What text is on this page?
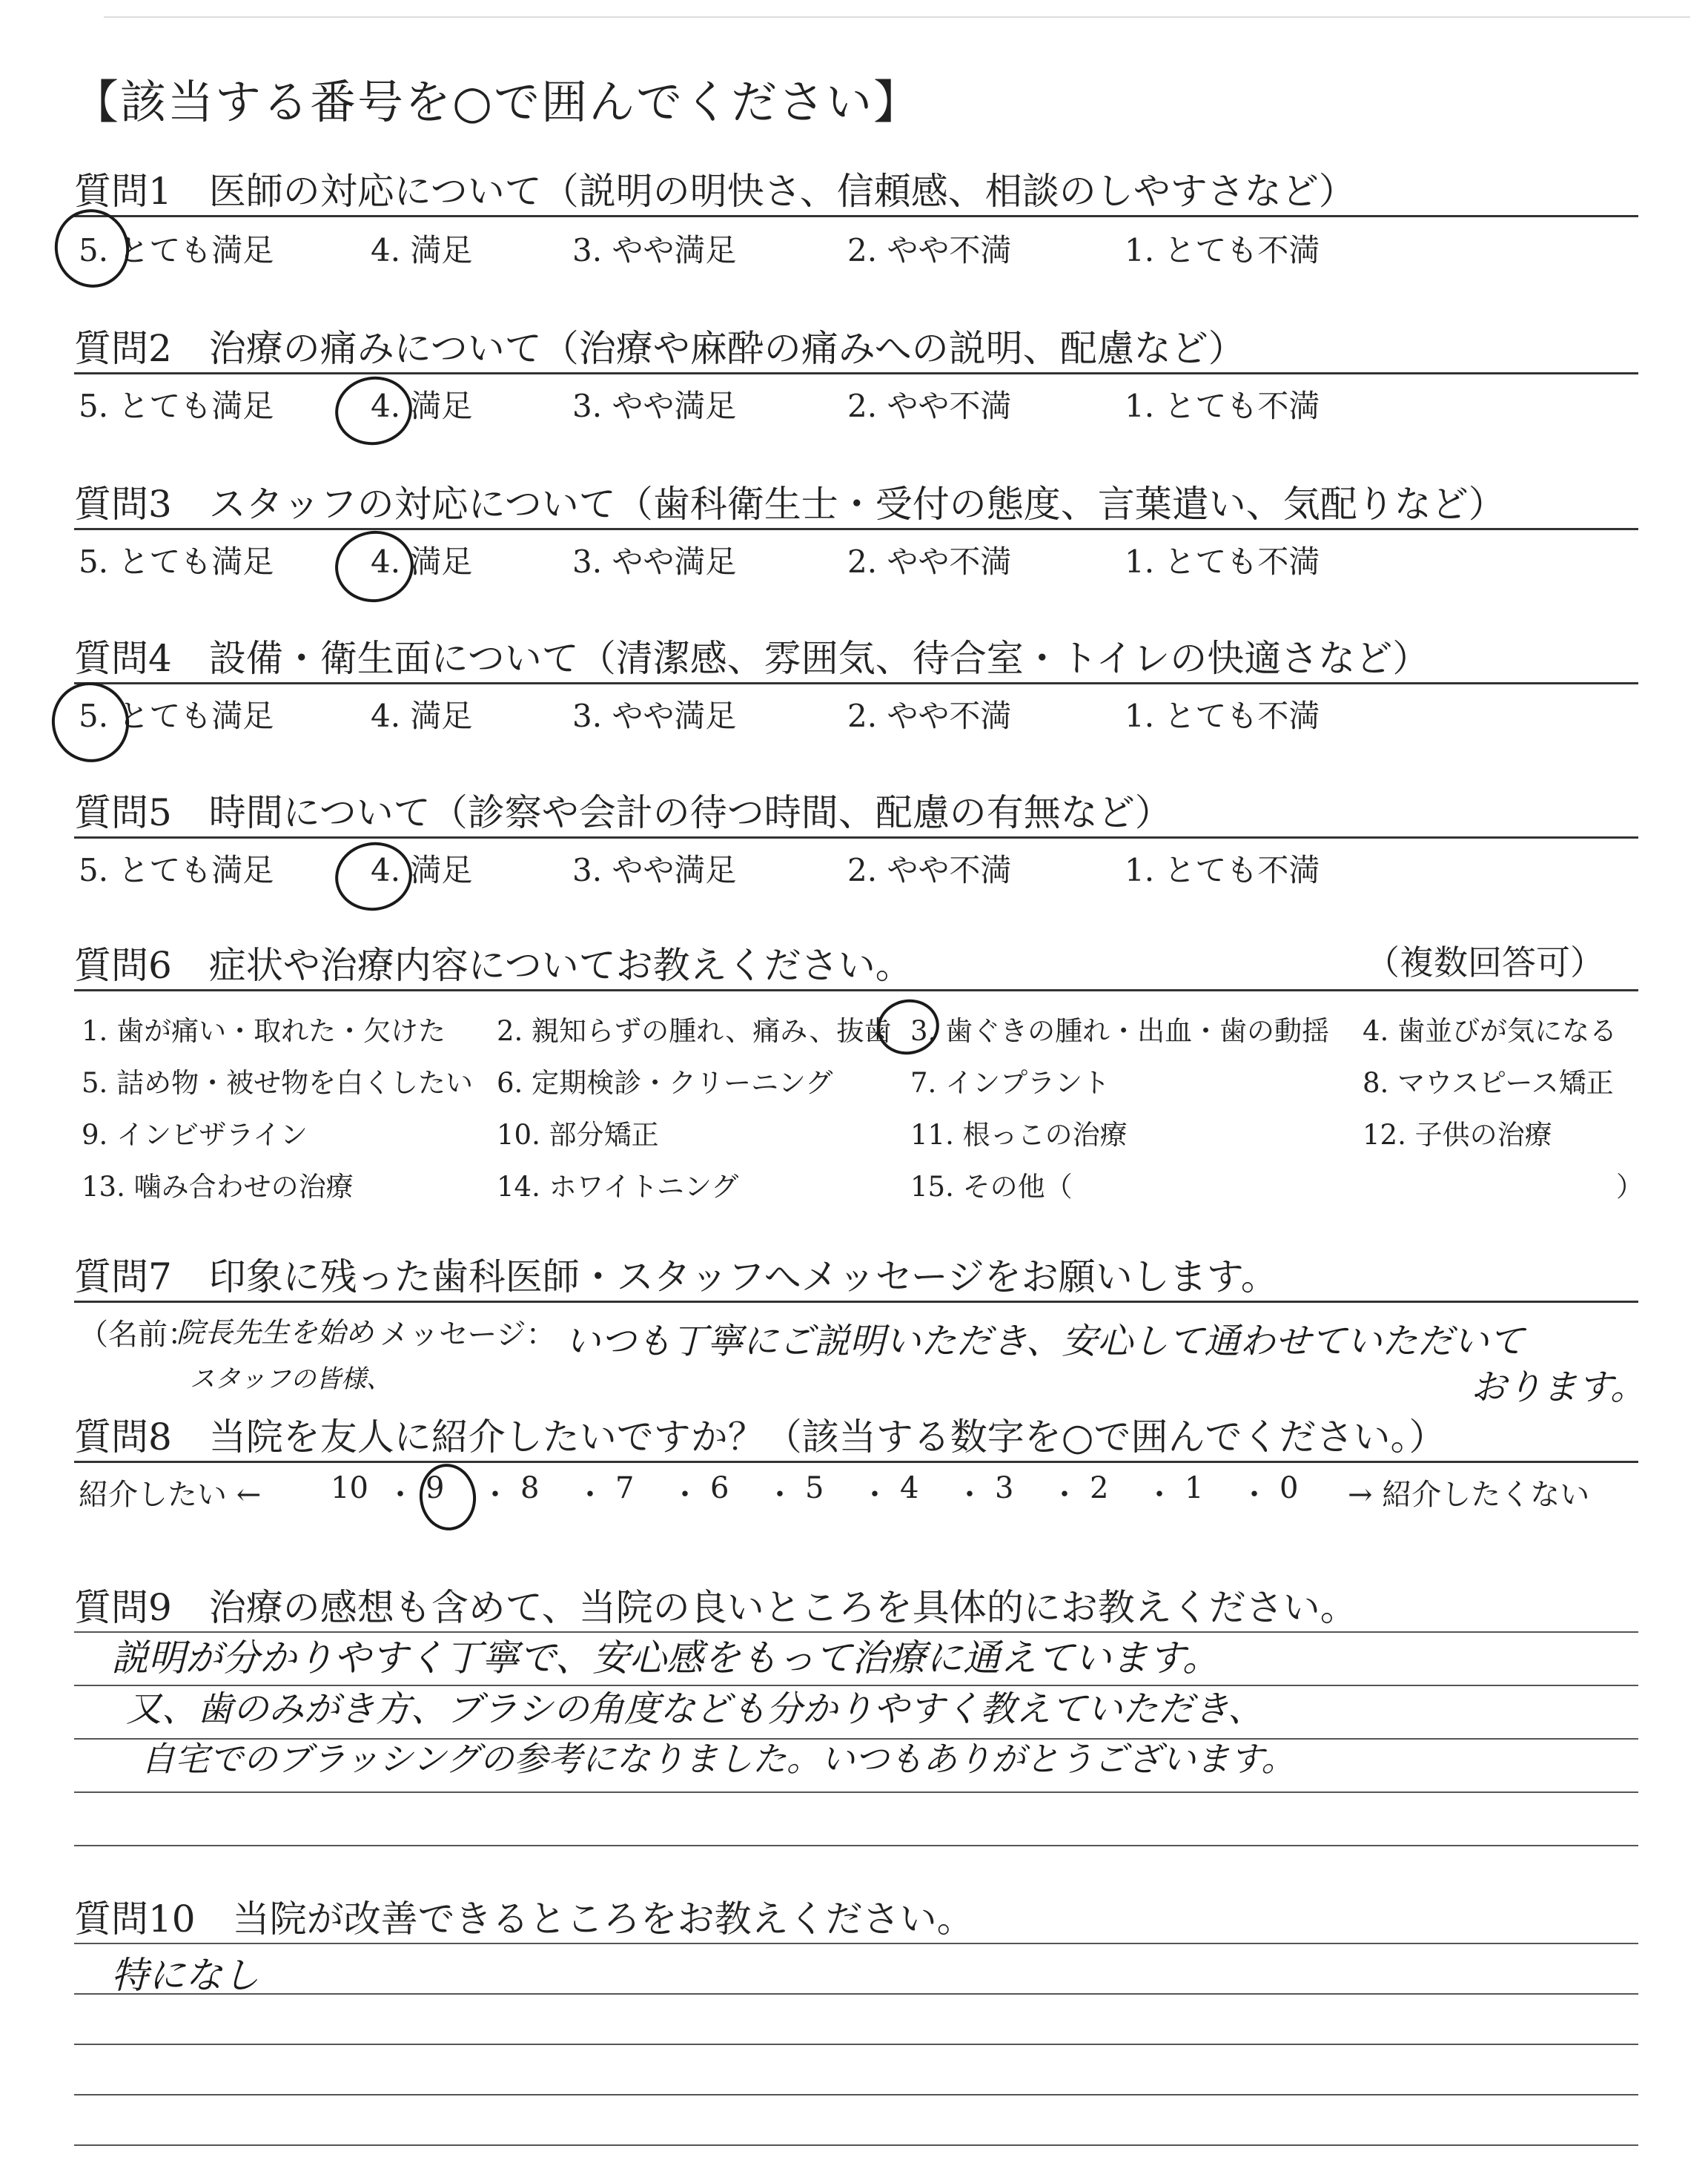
【該当する番号を○で囲んでください】
質問1　医師の対応について（説明の明快さ、信頼感、相談のしやすさなど）
5. とても満足	4. 満足	3. やや満足	2. やや不満	1. とても不満
質問2　治療の痛みについて（治療や麻酔の痛みへの説明、配慮など）
5. とても満足	4. 満足	3. やや満足	2. やや不満	1. とても不満
質問3　スタッフの対応について（歯科衛生士・受付の態度、言葉遣い、気配りなど）
5. とても満足	4. 満足	3. やや満足	2. やや不満	1. とても不満
質問4　設備・衛生面について（清潔感、雰囲気、待合室・トイレの快適さなど）
5. とても満足	4. 満足	3. やや満足	2. やや不満	1. とても不満
質問5　時間について（診察や会計の待つ時間、配慮の有無など）
5. とても満足	4. 満足	3. やや満足	2. やや不満	1. とても不満
質問6　症状や治療内容についてお教えください。	（複数回答可）
1. 歯が痛い・取れた・欠けた 2. 親知らずの腫れ、痛み、抜歯 3. 歯ぐきの腫れ・出血・歯の動揺 4. 歯並びが気になる
5. 詰め物・被せ物を白くしたい 6. 定期検診・クリーニング	7. インプラント	8. マウスピース矯正
9. インビザライン	10. 部分矯正	11. 根っこの治療	12. 子供の治療
13. 噛み合わせの治療	14. ホワイトニング	15. その他（	）
質問7　印象に残った歯科医師・スタッフへメッセージをお願いします。
（名前：
院長先生を始め
スタッフの皆様、
メッセージ： いつも丁寧にご説明いただき、安心して通わせていただいて
おります。
質問8　当院を友人に紹介したいですか？（該当する数字を○で囲んでください。）
紹介したい ← 10 ・ 9 ・ 8 ・ 7 ・ 6 ・ 5 ・ 4 ・ 3 ・ 2 ・ 1 ・ 0 → 紹介したくない
質問9　治療の感想も含めて、当院の良いところを具体的にお教えください。
説明が分かりやすく丁寧で、安心感をもって治療に通えています。
又、歯のみがき方、ブラシの角度なども分かりやすく教えていただき、
自宅でのブラッシングの参考になりました。いつもありがとうございます。
質問10　当院が改善できるところをお教えください。
特になし
